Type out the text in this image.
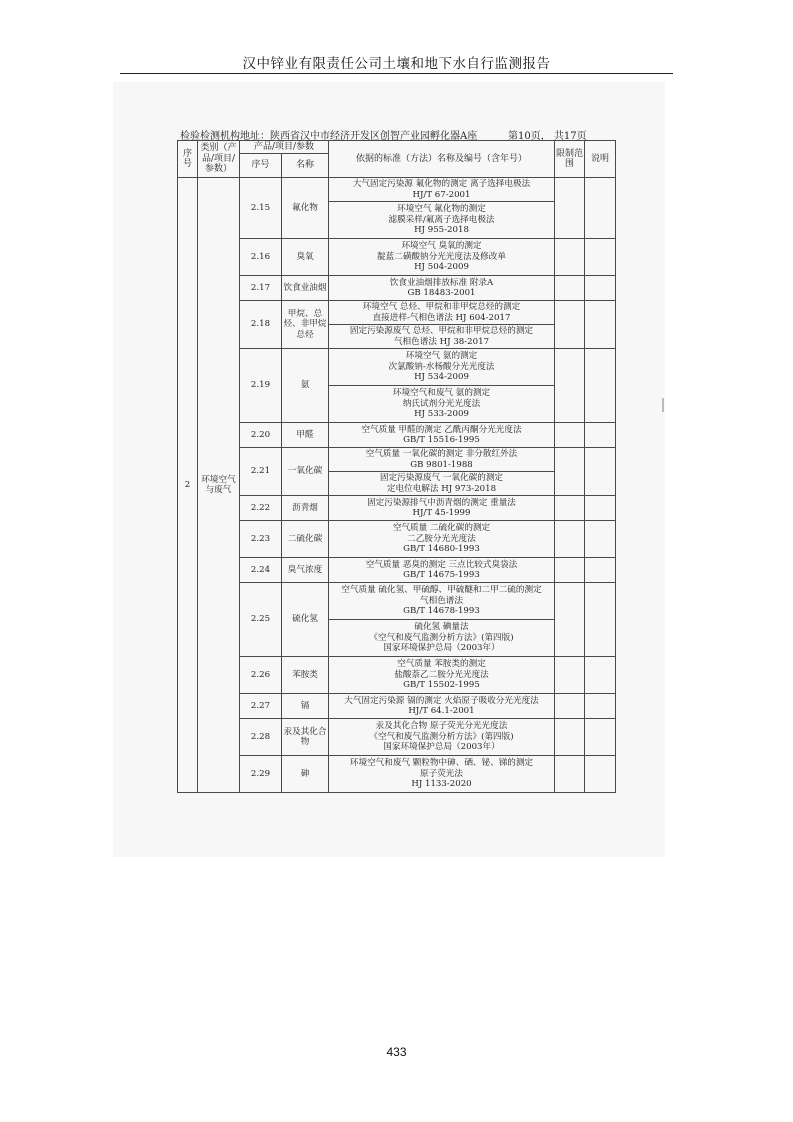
汉中锌业有限责任公司土壤和地下水自行监测报告
检验检测机构地址：陕西省汉中市经济开发区创智产业园孵化器A座	第10页， 共17页
序号	类别（产品/项目/参数）	产品/项目/参数		依据的标准（方法）名称及编号（含年号）	限制范围	说明
		序号	名称			
2	环境空气与废气	2.15	氟化物	大气固定污染源 氟化物的测定 离子选择电极法
HJ/T 67-2001		

				环境空气 氟化物的测定
滤膜采样/氟离子选择电极法
HJ 955-2018		

		2.16	臭氧	环境空气 臭氧的测定
靛蓝二磺酸钠分光光度法及修改单
HJ 504-2009		

		2.17	饮食业油烟	饮食业油烟排放标准 附录A
GB 18483-2001		

		2.18	甲烷、总烃、非甲烷总烃	环境空气 总烃、甲烷和非甲烷总烃的测定
直接进样-气相色谱法 HJ 604-2017		

				固定污染源废气 总烃、甲烷和非甲烷总烃的测定
气相色谱法 HJ 38-2017		

		2.19	氨	环境空气 氨的测定
次氯酸钠-水杨酸分光光度法
HJ 534-2009		

				环境空气和废气 氨的测定
纳氏试剂分光光度法
HJ 533-2009		

		2.20	甲醛	空气质量 甲醛的测定 乙酰丙酮分光光度法
GB/T 15516-1995		

		2.21	一氧化碳	空气质量 一氧化碳的测定 非分散红外法
GB 9801-1988		

				固定污染源废气 一氧化碳的测定
定电位电解法 HJ 973-2018		

		2.22	沥青烟	固定污染源排气中沥青烟的测定 重量法
HJ/T 45-1999		

		2.23	二硫化碳	空气质量 二硫化碳的测定
二乙胺分光光度法
GB/T 14680-1993		

		2.24	臭气浓度	空气质量 恶臭的测定 三点比较式臭袋法
GB/T 14675-1993		

		2.25	硫化氢	空气质量 硫化氢、甲硫醇、甲硫醚和二甲二硫的测定
气相色谱法
GB/T 14678-1993		

				硫化氢 碘量法
《空气和废气监测分析方法》(第四版)
国家环境保护总局（2003年）		

		2.26	苯胺类	空气质量 苯胺类的测定
盐酸萘乙二胺分光光度法
GB/T 15502-1995		

		2.27	镉	大气固定污染源 镉的测定 火焰原子吸收分光光度法
HJ/T 64.1-2001		

		2.28	汞及其化合物	汞及其化合物 原子荧光分光光度法
《空气和废气监测分析方法》(第四版)
国家环境保护总局（2003年）		

		2.29	砷	环境空气和废气 颗粒物中砷、硒、铋、锑的测定
原子荧光法
HJ 1133-2020		

433
